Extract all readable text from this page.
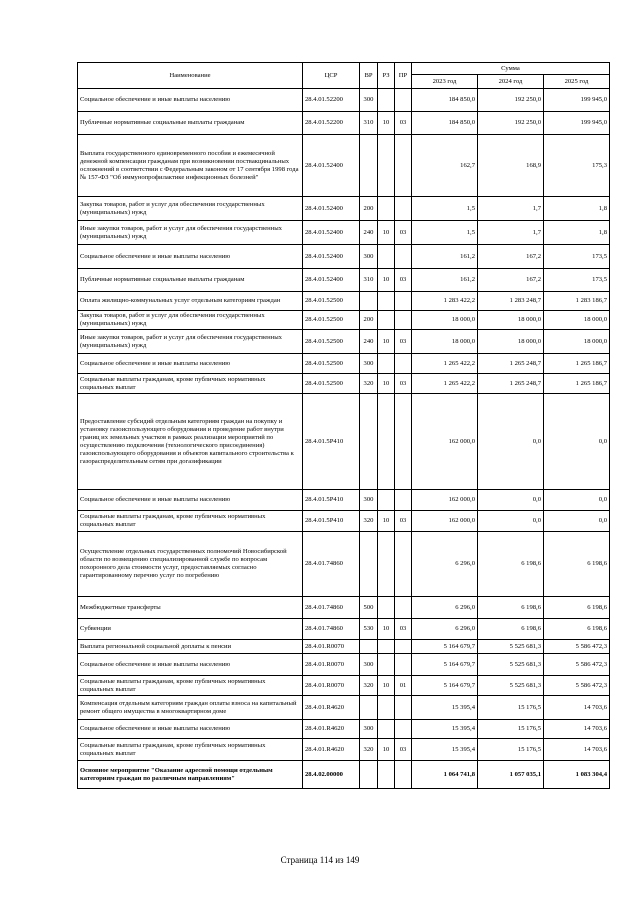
Наименование	ЦСР	ВР	РЗ	ПР	Сумма		
					2023 год	2024 год	2025 год
Социальное обеспечение и иные выплаты населению	28.4.01.52200	300			184 850,0	192 250,0	199 945,0
Публичные нормативные социальные выплаты гражданам	28.4.01.52200	310	10	03	184 850,0	192 250,0	199 945,0
Выплата государственного единовременного пособия и ежемесячной денежной компенсации гражданам при возникновении поствакцинальных осложнений в соответствии с Федеральным законом от 17 сентября 1998 года № 157-ФЗ "Об иммунопрофилактике инфекционных болезней"	28.4.01.52400				162,7	168,9	175,3
Закупка товаров, работ и услуг для обеспечения государственных (муниципальных) нужд	28.4.01.52400	200			1,5	1,7	1,8
Иные закупки товаров, работ и услуг для обеспечения государственных (муниципальных) нужд	28.4.01.52400	240	10	03	1,5	1,7	1,8
Социальное обеспечение и иные выплаты населению	28.4.01.52400	300			161,2	167,2	173,5
Публичные нормативные социальные выплаты гражданам	28.4.01.52400	310	10	03	161,2	167,2	173,5
Оплата жилищно-коммунальных услуг отдельным категориям граждан	28.4.01.52500				1 283 422,2	1 283 248,7	1 283 186,7
Закупка товаров, работ и услуг для обеспечения государственных (муниципальных) нужд	28.4.01.52500	200			18 000,0	18 000,0	18 000,0
Иные закупки товаров, работ и услуг для обеспечения государственных (муниципальных) нужд	28.4.01.52500	240	10	03	18 000,0	18 000,0	18 000,0
Социальное обеспечение и иные выплаты населению	28.4.01.52500	300			1 265 422,2	1 265 248,7	1 265 186,7
Социальные выплаты гражданам, кроме публичных нормативных социальных выплат	28.4.01.52500	320	10	03	1 265 422,2	1 265 248,7	1 265 186,7
Предоставление субсидий отдельным категориям граждан на покупку и установку газоиспользующего оборудования и проведение работ внутри границ их земельных участков в рамках реализации мероприятий по осуществлению подключения (технологического присоединения) газоиспользующего оборудования и объектов капитального строительства к газораспределительным сетям при догазификации	28.4.01.5Р410				162 000,0	0,0	0,0
Социальное обеспечение и иные выплаты населению	28.4.01.5Р410	300			162 000,0	0,0	0,0
Социальные выплаты гражданам, кроме публичных нормативных социальных выплат	28.4.01.5Р410	320	10	03	162 000,0	0,0	0,0
Осуществление отдельных государственных полномочий Новосибирской области по возмещению специализированной службе по вопросам похоронного дела стоимости услуг, предоставляемых согласно гарантированному перечню услуг по погребению	28.4.01.74860				6 296,0	6 198,6	6 198,6
Межбюджетные трансферты	28.4.01.74860	500			6 296,0	6 198,6	6 198,6
Субвенции	28.4.01.74860	530	10	03	6 296,0	6 198,6	6 198,6
Выплата региональной социальной доплаты к пенсии	28.4.01.R0070				5 164 679,7	5 525 681,3	5 586 472,3
Социальное обеспечение и иные выплаты населению	28.4.01.R0070	300			5 164 679,7	5 525 681,3	5 586 472,3
Социальные выплаты гражданам, кроме публичных нормативных социальных выплат	28.4.01.R0070	320	10	01	5 164 679,7	5 525 681,3	5 586 472,3
Компенсация отдельным категориям граждан оплаты взноса на капитальный ремонт общего имущества в многоквартирном доме	28.4.01.R4620				15 395,4	15 176,5	14 703,6
Социальное обеспечение и иные выплаты населению	28.4.01.R4620	300			15 395,4	15 176,5	14 703,6
Социальные выплаты гражданам, кроме публичных нормативных социальных выплат	28.4.01.R4620	320	10	03	15 395,4	15 176,5	14 703,6
Основное мероприятие "Оказание адресной помощи отдельным категориям граждан по различным направлениям"	28.4.02.00000				1 064 741,8	1 057 035,1	1 083 304,4
Страница 114 из 149
